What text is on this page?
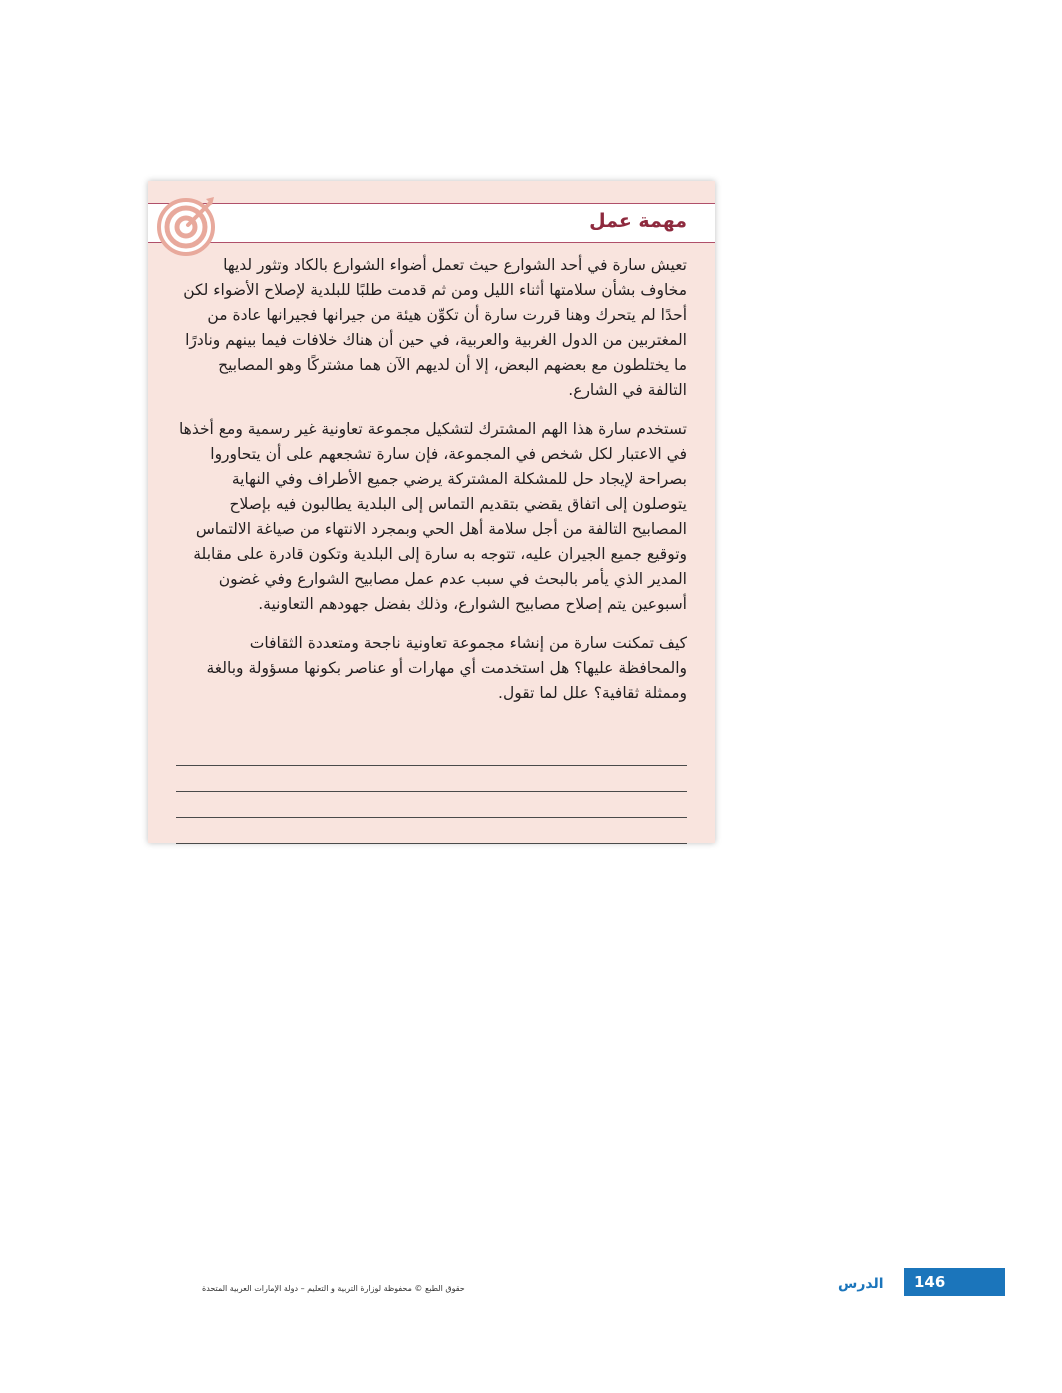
مهمة عمل

تعيش سارة في أحد الشوارع حيث تعمل أضواء الشوارع بالكاد وتثور لديها مخاوف بشأن سلامتها أثناء الليل ومن ثم قدمت طلبًا للبلدية لإصلاح الأضواء لكن أحدًا لم يتحرك وهنا قررت سارة أن تكوِّن هيئة من جيرانها فجيرانها عادة من المغتربين من الدول الغربية والعربية، في حين أن هناك خلافات فيما بينهم ونادرًا ما يختلطون مع بعضهم البعض، إلا أن لديهم الآن هما مشتركًا وهو المصابيح التالفة في الشارع.

تستخدم سارة هذا الهم المشترك لتشكيل مجموعة تعاونية غير رسمية ومع أخذها في الاعتبار لكل شخص في المجموعة، فإن سارة تشجعهم على أن يتحاوروا بصراحة لإيجاد حل للمشكلة المشتركة يرضي جميع الأطراف وفي النهاية يتوصلون إلى اتفاق يقضي بتقديم التماس إلى البلدية يطالبون فيه بإصلاح المصابيح التالفة من أجل سلامة أهل الحي وبمجرد الانتهاء من صياغة الالتماس وتوقيع جميع الجيران عليه، تتوجه به سارة إلى البلدية وتكون قادرة على مقابلة المدير الذي يأمر بالبحث في سبب عدم عمل مصابيح الشوارع وفي غضون أسبوعين يتم إصلاح مصابيح الشوارع، وذلك بفضل جهودهم التعاونية.

كيف تمكنت سارة من إنشاء مجموعة تعاونية ناجحة ومتعددة الثقافات والمحافظة عليها؟ هل استخدمت أي مهارات أو عناصر بكونها مسؤولة وبالغة وممثلة ثقافية؟ علل لما تقول.

حقوق الطبع © محفوظة لوزارة التربية و التعليم – دولة الإمارات العربية المتحدة	الدرس	146
